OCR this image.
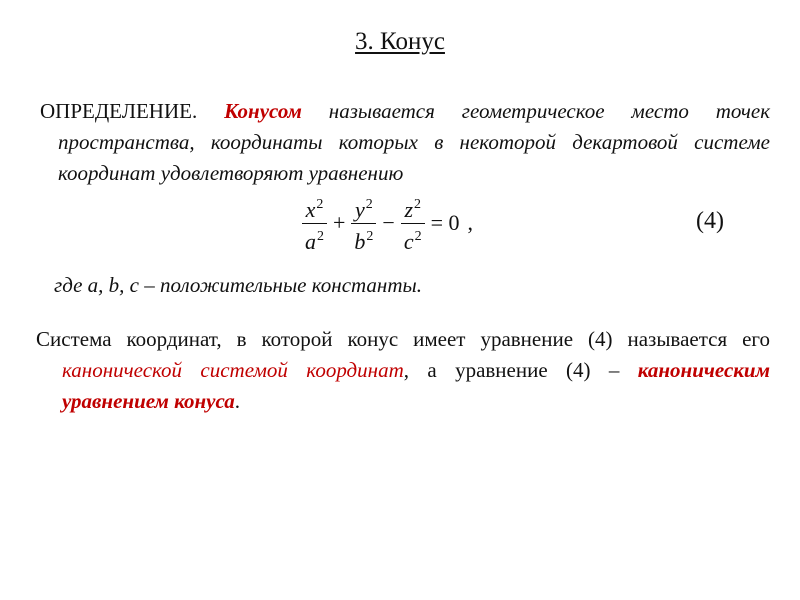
3. Конус
ОПРЕДЕЛЕНИЕ. Конусом называется геометрическое место точек пространства, координаты которых в некоторой декартовой системе координат удовлетворяют уравнению
$\frac{x^2}{a^2} + \frac{y^2}{b^2} - \frac{z^2}{c^2} = 0$ ,	(4)
где a, b, c – положительные константы.
Система координат, в которой конус имеет уравнение (4) называется его канонической системой координат, а уравнение (4) – каноническим уравнением конуса.
